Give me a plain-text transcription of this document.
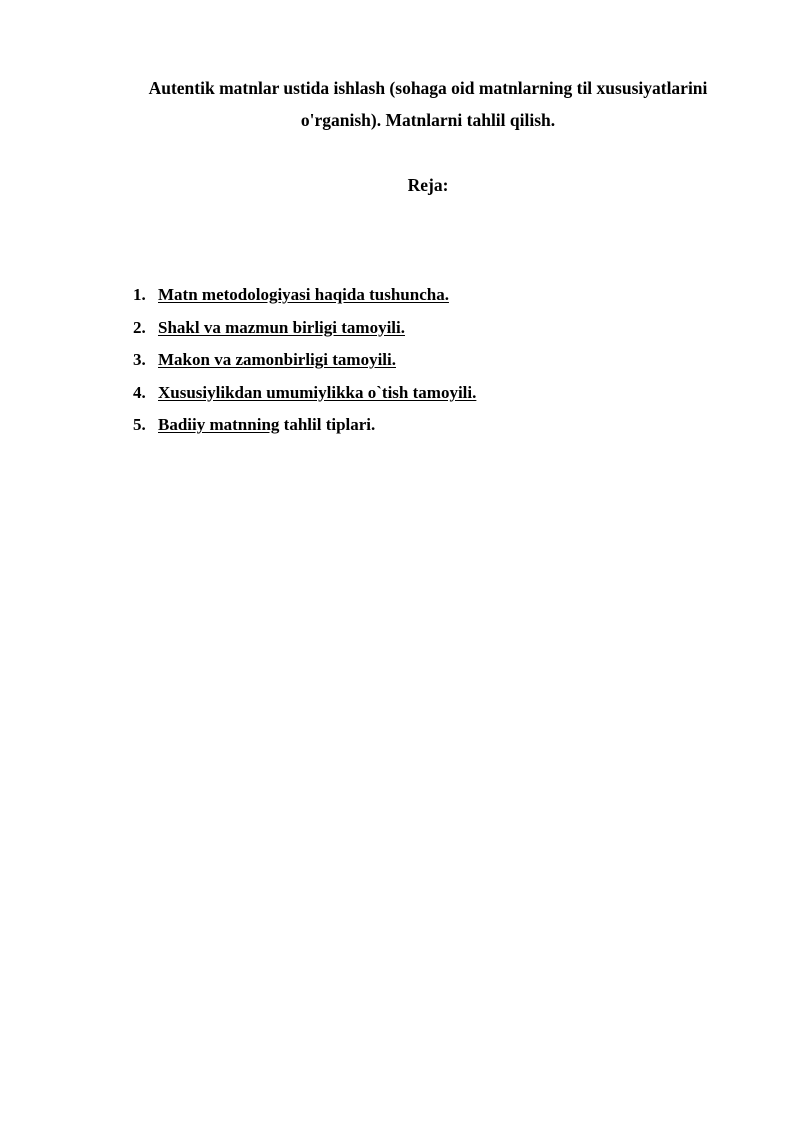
Autentik matnlar ustida ishlash (sohaga oid matnlarning til xususiyatlarini
o'rganish). Matnlarni tahlil qilish.
Reja:
1. Matn metodologiyasi haqida tushuncha.
2. Shakl va mazmun birligi tamoyili.
3. Makon va zamonbirligi tamoyili.
4. Xususiylikdan umumiylikka o`tish tamoyili.
5. Badiiy matnning tahlil tiplari.
